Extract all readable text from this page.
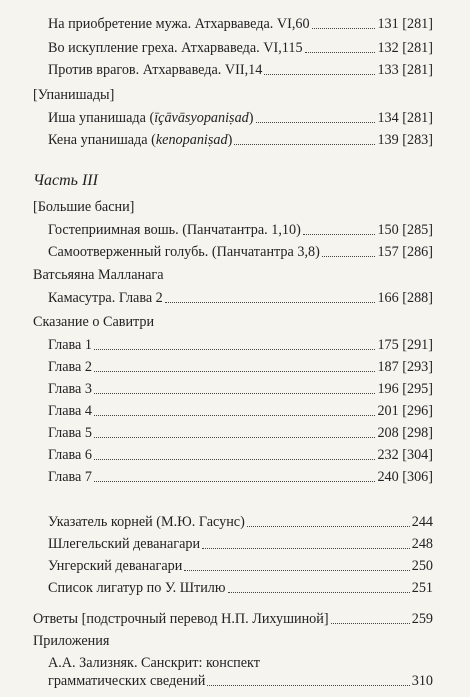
На приобретение мужа. Атхарваведа. VI,60	131 [281]
Во искупление греха. Атхарваведа. VI,115	132 [281]
Против врагов. Атхарваведа. VII,14	133 [281]
[Упанишады]
Иша упанишада (īçāvāsyopaniṣad)	134 [281]
Кена упанишада (kenopaniṣad)	139 [283]
Часть III
[Большие басни]
Гостеприимная вошь. (Панчатантра. 1,10)	150 [285]
Самоотверженный голубь. (Панчатантра 3,8)	157 [286]
Ватсьяяна Малланага
Камасутра. Глава 2	166 [288]
Сказание о Савитри
Глава 1	175 [291]
Глава 2	187 [293]
Глава 3	196 [295]
Глава 4	201 [296]
Глава 5	208 [298]
Глава 6	232 [304]
Глава 7	240 [306]
Указатель корней (М.Ю. Гасунс)	244
Шлегельский деванагари	248
Унгерский деванагари	250
Список лигатур по У. Штилю	251
Ответы [подстрочный перевод Н.П. Лихушиной]	259
Приложения
А.А. Зализняк. Санскрит: конспект
грамматических сведений	310
